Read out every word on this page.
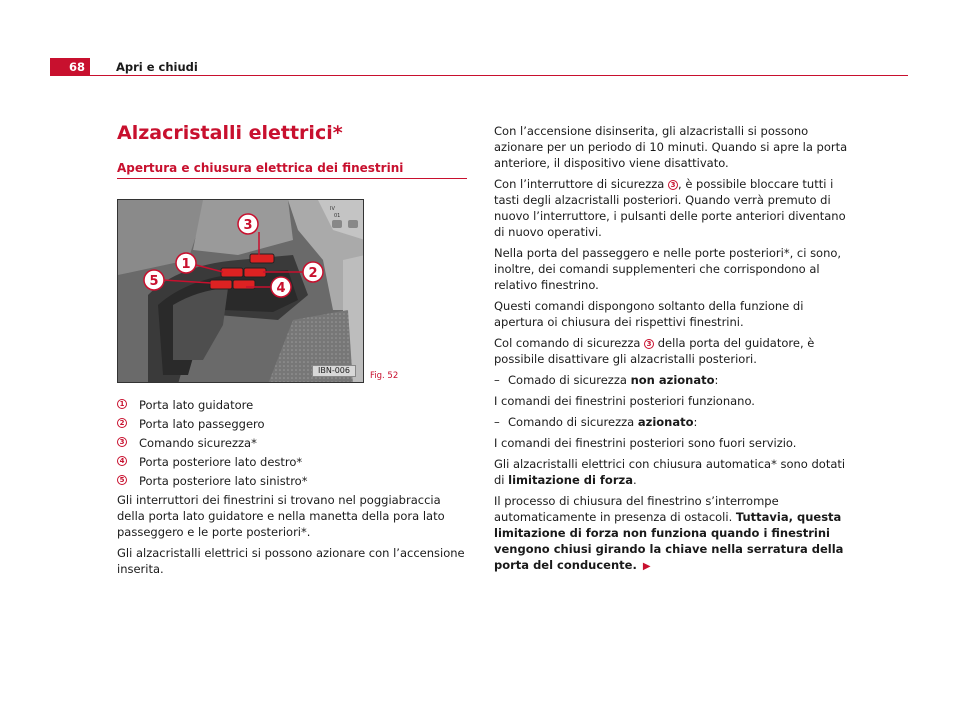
68	Apri e chiudi
Alzacristalli elettrici*
Apertura e chiusura elettrica dei finestrini
IV
01
3
1
2
5	4
IBN-006
Fig. 52
1 Porta lato guidatore
2 Porta lato passeggero
3 Comando sicurezza*
4 Porta posteriore lato destro*
5 Porta posteriore lato sinistro*

Gli interruttori dei finestrini si trovano nel poggiabraccia della porta lato guidatore e nella manetta della pora lato passeggero e le porte posteriori*.

Gli alzacristalli elettrici si possono azionare con l’accensione inserita.

Con l’accensione disinserita, gli alzacristalli si possono azionare per un periodo di 10 minuti. Quando si apre la porta anteriore, il dispositivo viene disattivato.

Con l’interruttore di sicurezza 3 , è possibile bloccare tutti i tasti degli alzacristalli posteriori. Quando verrà premuto di nuovo l’interruttore, i pulsanti delle porte anteriori diventano di nuovo operativi.

Nella porta del passeggero e nelle porte posteriori*, ci sono, inoltre, dei comandi supplementeri che corrispondono al relativo finestrino.

Questi comandi dispongono soltanto della funzione di apertura oi chiusura dei rispettivi finestrini.

Col comando di sicurezza 3 della porta del guidatore, è possibile disattivare gli alzacristalli posteriori.

– Comado di sicurezza non azionato:

I comandi dei finestrini posteriori funzionano.

– Comando di sicurezza azionato:

I comandi dei finestrini posteriori sono fuori servizio.

Gli alzacristalli elettrici con chiusura automatica* sono dotati di limitazione di forza.

Il processo di chiusura del finestrino s’interrompe automaticamente in presenza di ostacoli. Tuttavia, questa limitazione di forza non funziona quando i finestrini vengono chiusi girando la chiave nella serratura della porta del conducente. ▶
